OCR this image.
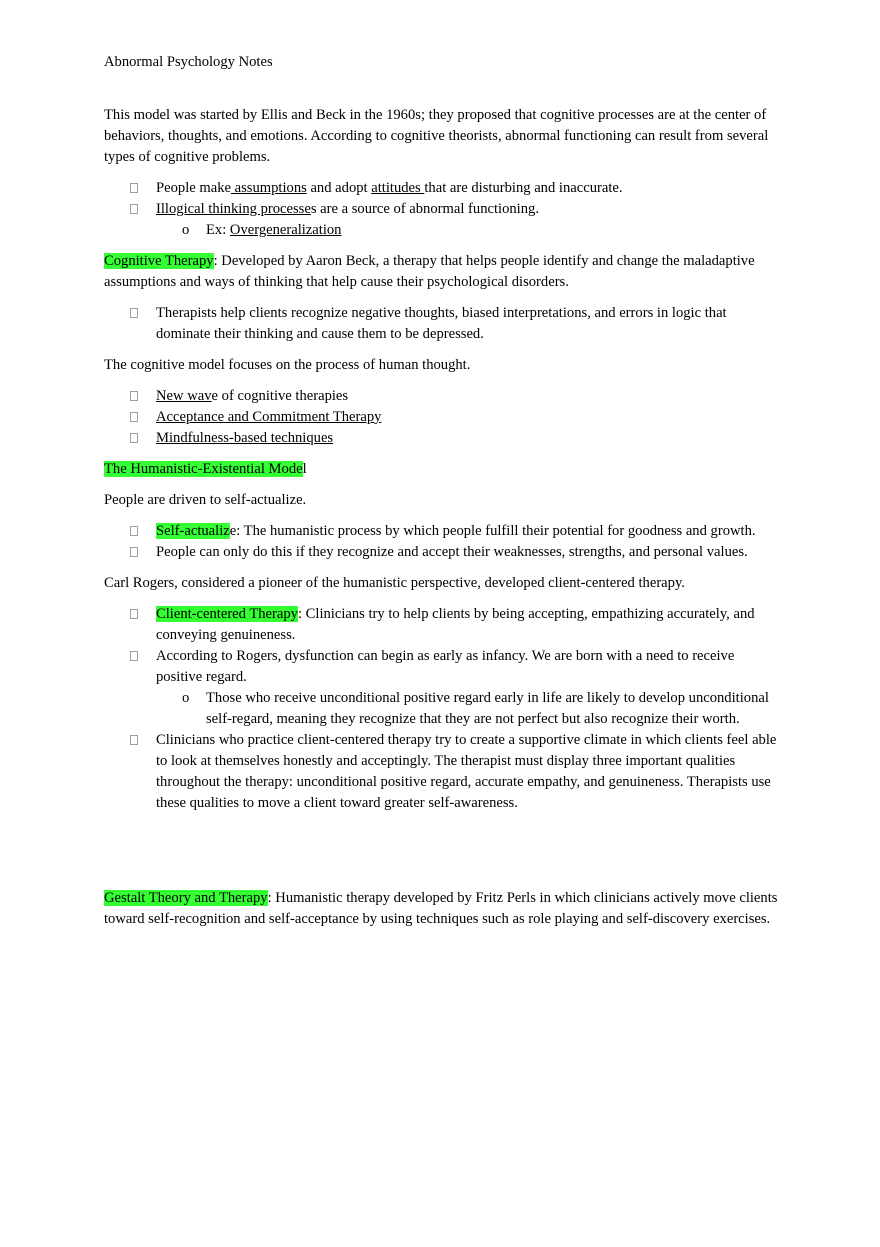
Abnormal Psychology Notes

This model was started by Ellis and Beck in the 1960s; they proposed that cognitive processes are at the center of behaviors, thoughts, and emotions. According to cognitive theorists, abnormal functioning can result from several types of cognitive problems.

People make assumptions and adopt attitudes that are disturbing and inaccurate.
Illogical thinking processes are a source of abnormal functioning.
o Ex: Overgeneralization

Cognitive Therapy: Developed by Aaron Beck, a therapy that helps people identify and change the maladaptive assumptions and ways of thinking that help cause their psychological disorders.

Therapists help clients recognize negative thoughts, biased interpretations, and errors in logic that dominate their thinking and cause them to be depressed.

The cognitive model focuses on the process of human thought.

New wave of cognitive therapies
Acceptance and Commitment Therapy
Mindfulness-based techniques

The Humanistic-Existential Model

People are driven to self-actualize.

Self-actualize: The humanistic process by which people fulfill their potential for goodness and growth.
People can only do this if they recognize and accept their weaknesses, strengths, and personal values.

Carl Rogers, considered a pioneer of the humanistic perspective, developed client-centered therapy.

Client-centered Therapy: Clinicians try to help clients by being accepting, empathizing accurately, and conveying genuineness.
According to Rogers, dysfunction can begin as early as infancy. We are born with a need to receive positive regard.
o Those who receive unconditional positive regard early in life are likely to develop unconditional self-regard, meaning they recognize that they are not perfect but also recognize their worth.
Clinicians who practice client-centered therapy try to create a supportive climate in which clients feel able to look at themselves honestly and acceptingly. The therapist must display three important qualities throughout the therapy: unconditional positive regard, accurate empathy, and genuineness. Therapists use these qualities to move a client toward greater self-awareness.

Gestalt Theory and Therapy: Humanistic therapy developed by Fritz Perls in which clinicians actively move clients toward self-recognition and self-acceptance by using techniques such as role playing and self-discovery exercises.
